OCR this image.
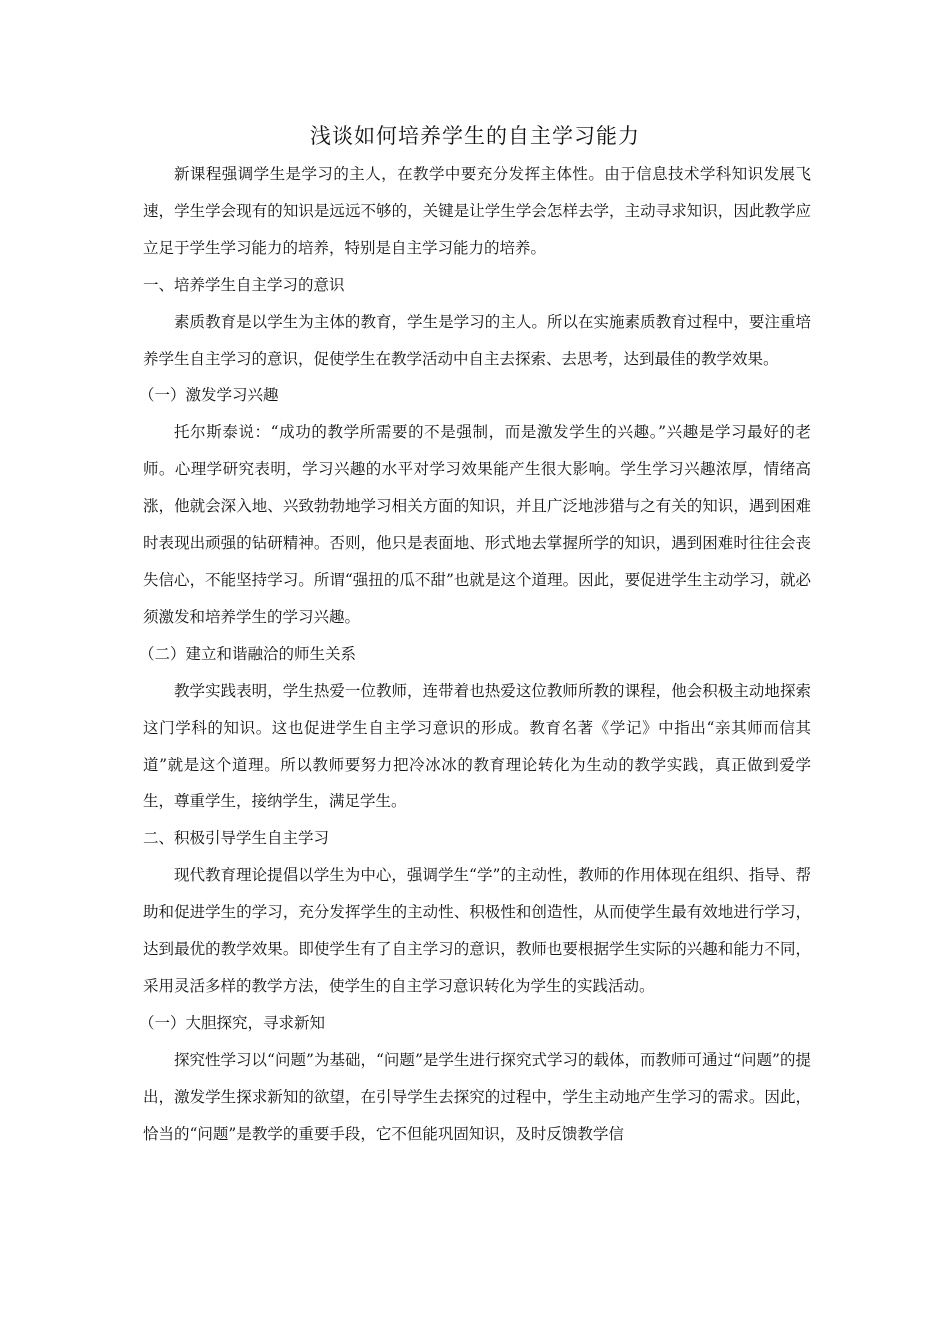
浅谈如何培养学生的自主学习能力

新课程强调学生是学习的主人，在教学中要充分发挥主体性。由于信息技术学科知识发展飞速，学生学会现有的知识是远远不够的，关键是让学生学会怎样去学，主动寻求知识，因此教学应立足于学生学习能力的培养，特别是自主学习能力的培养。

一、培养学生自主学习的意识

素质教育是以学生为主体的教育，学生是学习的主人。所以在实施素质教育过程中，要注重培养学生自主学习的意识，促使学生在教学活动中自主去探索、去思考，达到最佳的教学效果。

（一）激发学习兴趣

托尔斯泰说：“成功的教学所需要的不是强制，而是激发学生的兴趣。”兴趣是学习最好的老师。心理学研究表明，学习兴趣的水平对学习效果能产生很大影响。学生学习兴趣浓厚，情绪高涨，他就会深入地、兴致勃勃地学习相关方面的知识，并且广泛地涉猎与之有关的知识，遇到困难时表现出顽强的钻研精神。否则，他只是表面地、形式地去掌握所学的知识，遇到困难时往往会丧失信心，不能坚持学习。所谓“强扭的瓜不甜”也就是这个道理。因此，要促进学生主动学习，就必须激发和培养学生的学习兴趣。

（二）建立和谐融洽的师生关系

教学实践表明，学生热爱一位教师，连带着也热爱这位教师所教的课程，他会积极主动地探索这门学科的知识。这也促进学生自主学习意识的形成。教育名著《学记》中指出“亲其师而信其道”就是这个道理。所以教师要努力把冷冰冰的教育理论转化为生动的教学实践，真正做到爱学生，尊重学生，接纳学生，满足学生。

二、积极引导学生自主学习

现代教育理论提倡以学生为中心，强调学生“学”的主动性，教师的作用体现在组织、指导、帮助和促进学生的学习，充分发挥学生的主动性、积极性和创造性，从而使学生最有效地进行学习，达到最优的教学效果。即使学生有了自主学习的意识，教师也要根据学生实际的兴趣和能力不同，采用灵活多样的教学方法，使学生的自主学习意识转化为学生的实践活动。

（一）大胆探究，寻求新知

探究性学习以“问题”为基础，“问题”是学生进行探究式学习的载体，而教师可通过“问题”的提出，激发学生探求新知的欲望，在引导学生去探究的过程中，学生主动地产生学习的需求。因此，恰当的“问题”是教学的重要手段，它不但能巩固知识，及时反馈教学信
